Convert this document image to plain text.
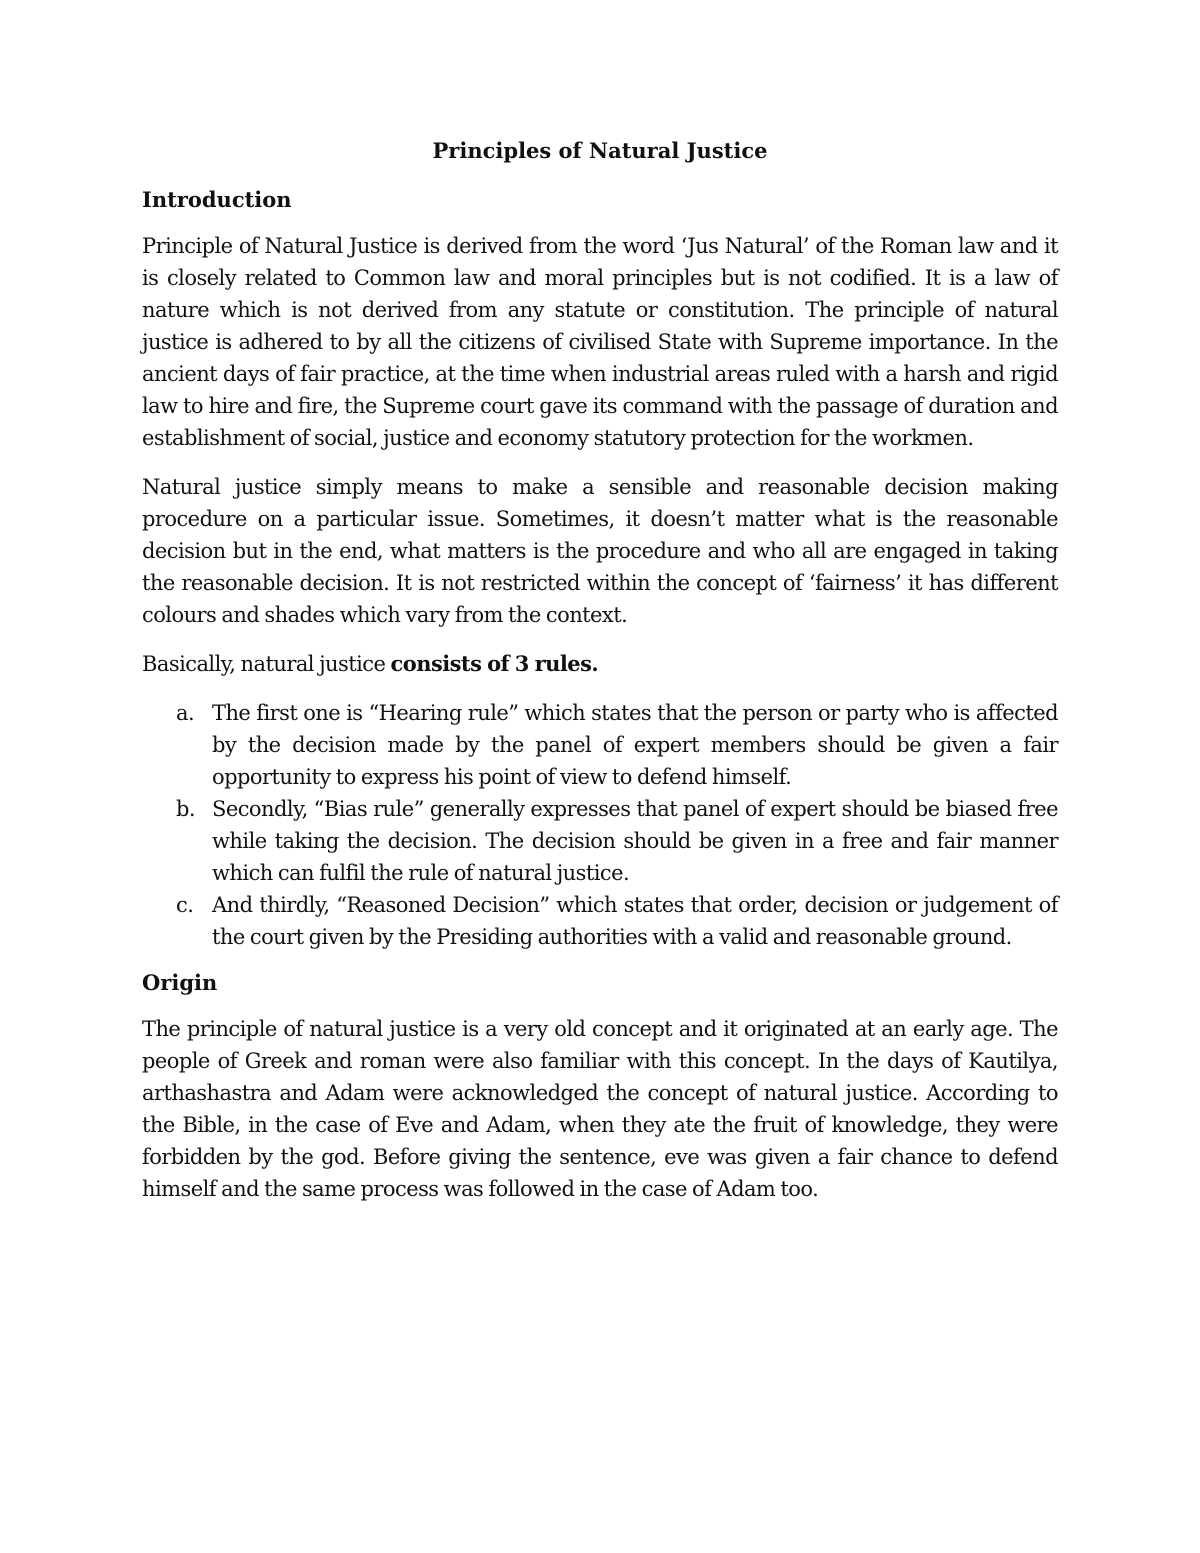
Principles of Natural Justice
Introduction

Principle of Natural Justice is derived from the word ‘Jus Natural’ of the Roman law and it is closely related to Common law and moral principles but is not codified. It is a law of nature which is not derived from any statute or constitution. The principle of natural justice is adhered to by all the citizens of civilised State with Supreme importance. In the ancient days of fair practice, at the time when industrial areas ruled with a harsh and rigid law to hire and fire, the Supreme court gave its command with the passage of duration and establishment of social, justice and economy statutory protection for the workmen.

Natural justice simply means to make a sensible and reasonable decision making procedure on a particular issue. Sometimes, it doesn’t matter what is the reasonable decision but in the end, what matters is the procedure and who all are engaged in taking the reasonable decision. It is not restricted within the concept of ‘fairness’ it has different colours and shades which vary from the context.

Basically, natural justice consists of 3 rules.

a. The first one is “Hearing rule” which states that the person or party who is affected by the decision made by the panel of expert members should be given a fair opportunity to express his point of view to defend himself.
b. Secondly, “Bias rule” generally expresses that panel of expert should be biased free while taking the decision. The decision should be given in a free and fair manner which can fulfil the rule of natural justice.
c. And thirdly, “Reasoned Decision” which states that order, decision or judgement of the court given by the Presiding authorities with a valid and reasonable ground.
Origin

The principle of natural justice is a very old concept and it originated at an early age. The people of Greek and roman were also familiar with this concept. In the days of Kautilya, arthashastra and Adam were acknowledged the concept of natural justice. According to the Bible, in the case of Eve and Adam, when they ate the fruit of knowledge, they were forbidden by the god. Before giving the sentence, eve was given a fair chance to defend himself and the same process was followed in the case of Adam too.
